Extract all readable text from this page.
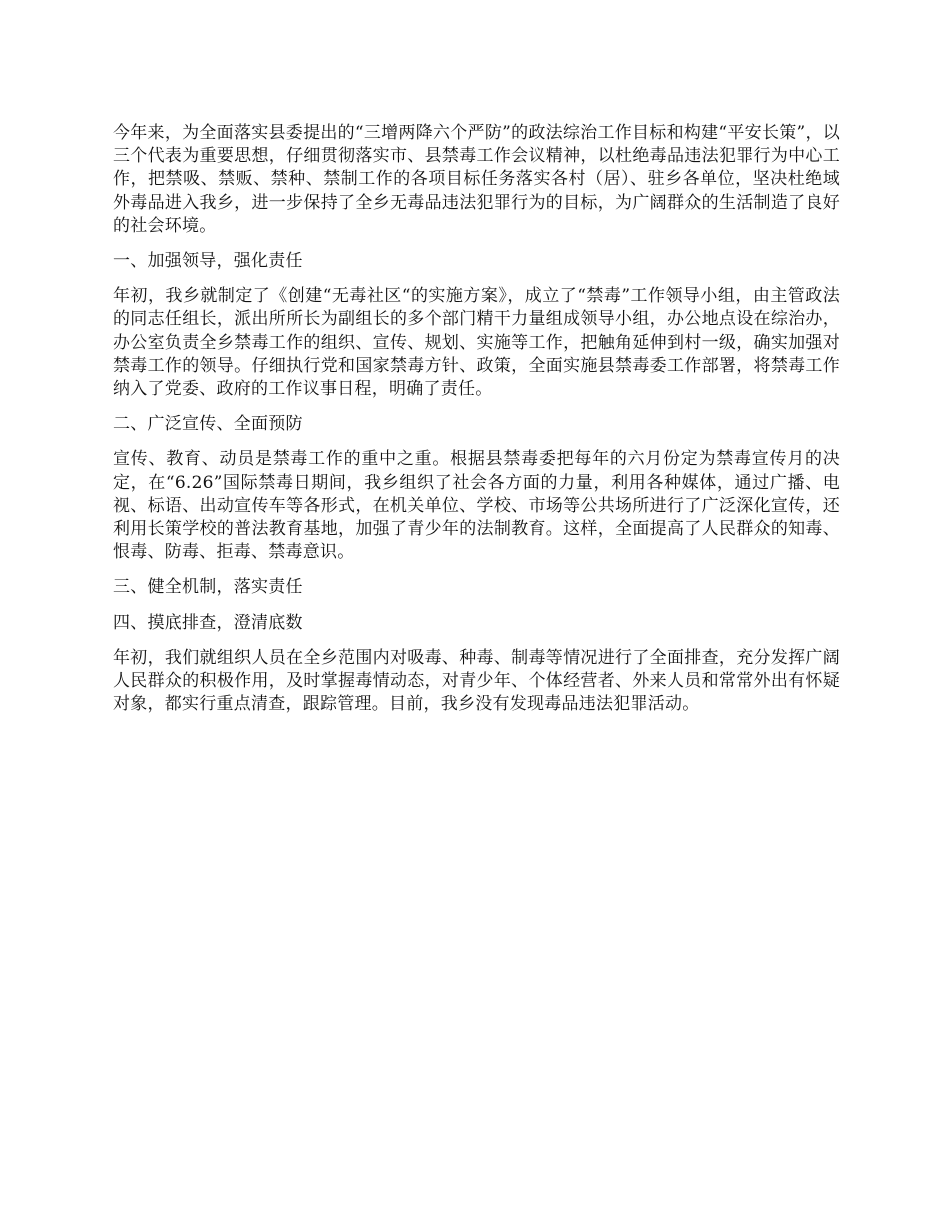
今年来，为全面落实县委提出的“三增两降六个严防”的政法综治工作目标和构建“平安长策”，以三个代表为重要思想，仔细贯彻落实市、县禁毒工作会议精神，以杜绝毒品违法犯罪行为中心工作，把禁吸、禁贩、禁种、禁制工作的各项目标任务落实各村（居）、驻乡各单位，坚决杜绝域外毒品进入我乡，进一步保持了全乡无毒品违法犯罪行为的目标，为广阔群众的生活制造了良好的社会环境。

一、加强领导，强化责任

年初，我乡就制定了《创建“无毒社区“的实施方案》，成立了“禁毒”工作领导小组，由主管政法的同志任组长，派出所所长为副组长的多个部门精干力量组成领导小组，办公地点设在综治办，办公室负责全乡禁毒工作的组织、宣传、规划、实施等工作，把触角延伸到村一级，确实加强对禁毒工作的领导。仔细执行党和国家禁毒方针、政策，全面实施县禁毒委工作部署，将禁毒工作纳入了党委、政府的工作议事日程，明确了责任。

二、广泛宣传、全面预防

宣传、教育、动员是禁毒工作的重中之重。根据县禁毒委把每年的六月份定为禁毒宣传月的决定，在“6.26”国际禁毒日期间，我乡组织了社会各方面的力量，利用各种媒体，通过广播、电视、标语、出动宣传车等各形式，在机关单位、学校、市场等公共场所进行了广泛深化宣传，还利用长策学校的普法教育基地，加强了青少年的法制教育。这样，全面提高了人民群众的知毒、恨毒、防毒、拒毒、禁毒意识。

三、健全机制，落实责任

四、摸底排查，澄清底数

年初，我们就组织人员在全乡范围内对吸毒、种毒、制毒等情况进行了全面排查，充分发挥广阔人民群众的积极作用，及时掌握毒情动态，对青少年、个体经营者、外来人员和常常外出有怀疑对象，都实行重点清查，跟踪管理。目前，我乡没有发现毒品违法犯罪活动。
